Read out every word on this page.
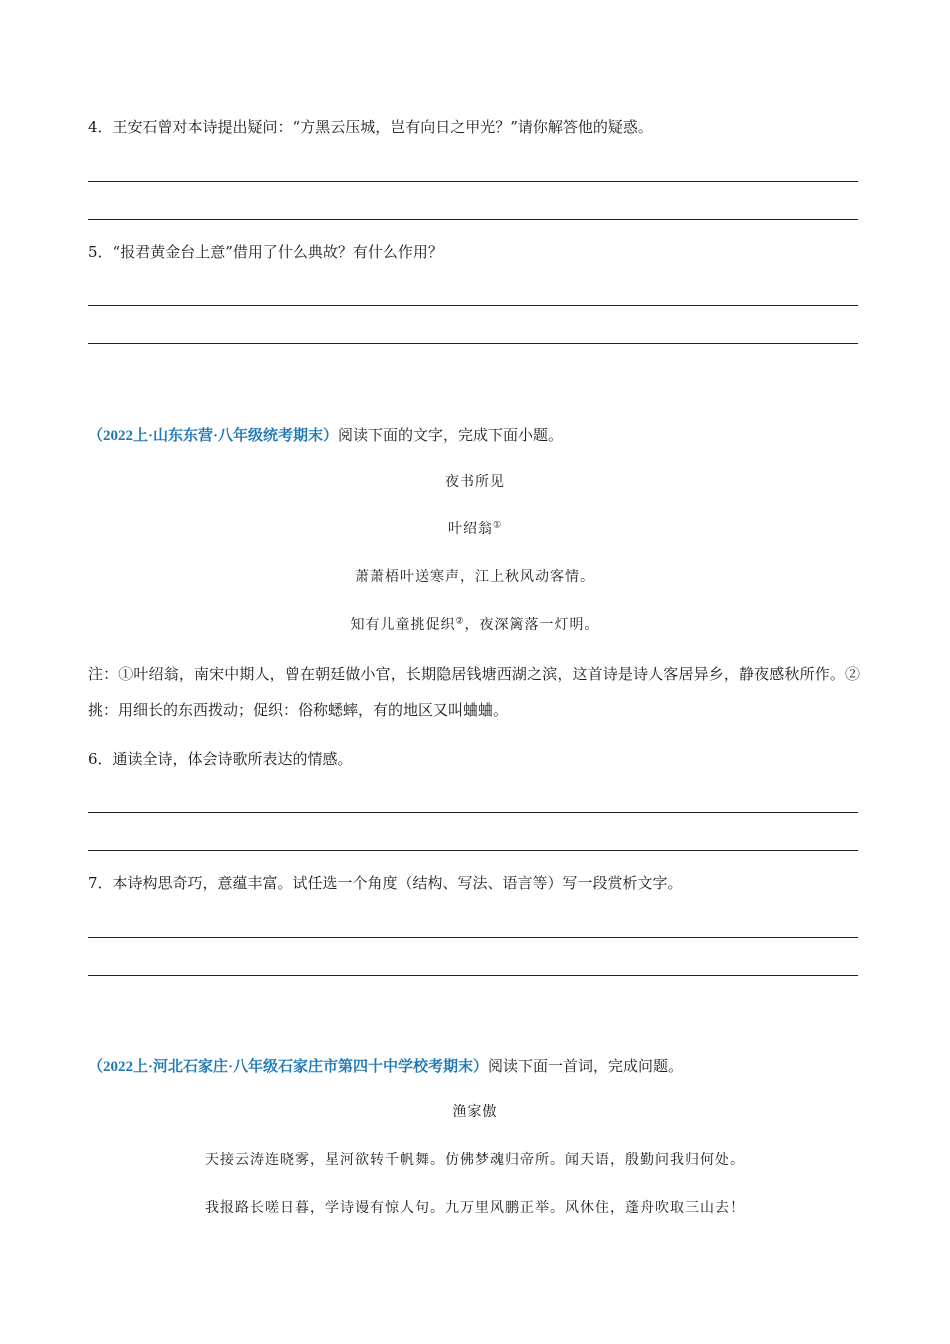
4．王安石曾对本诗提出疑问：“方黑云压城，岂有向日之甲光？”请你解答他的疑惑。
5．“报君黄金台上意”借用了什么典故？有什么作用？
（2022上·山东东营·八年级统考期末）阅读下面的文字，完成下面小题。
夜书所见
叶绍翁①
萧萧梧叶送寒声，江上秋风动客情。
知有儿童挑促织②，夜深篱落一灯明。
注：①叶绍翁，南宋中期人，曾在朝廷做小官，长期隐居钱塘西湖之滨，这首诗是诗人客居异乡，静夜感秋所作。②挑：用细长的东西拨动；促织：俗称蟋蟀，有的地区又叫蛐蛐。
6．通读全诗，体会诗歌所表达的情感。
7．本诗构思奇巧，意蕴丰富。试任选一个角度（结构、写法、语言等）写一段赏析文字。
（2022上·河北石家庄·八年级石家庄市第四十中学校考期末）阅读下面一首词，完成问题。
渔家傲
天接云涛连晓雾，星河欲转千帆舞。仿佛梦魂归帝所。闻天语，殷勤问我归何处。
我报路长嗟日暮，学诗谩有惊人句。九万里风鹏正举。风休住，蓬舟吹取三山去！
